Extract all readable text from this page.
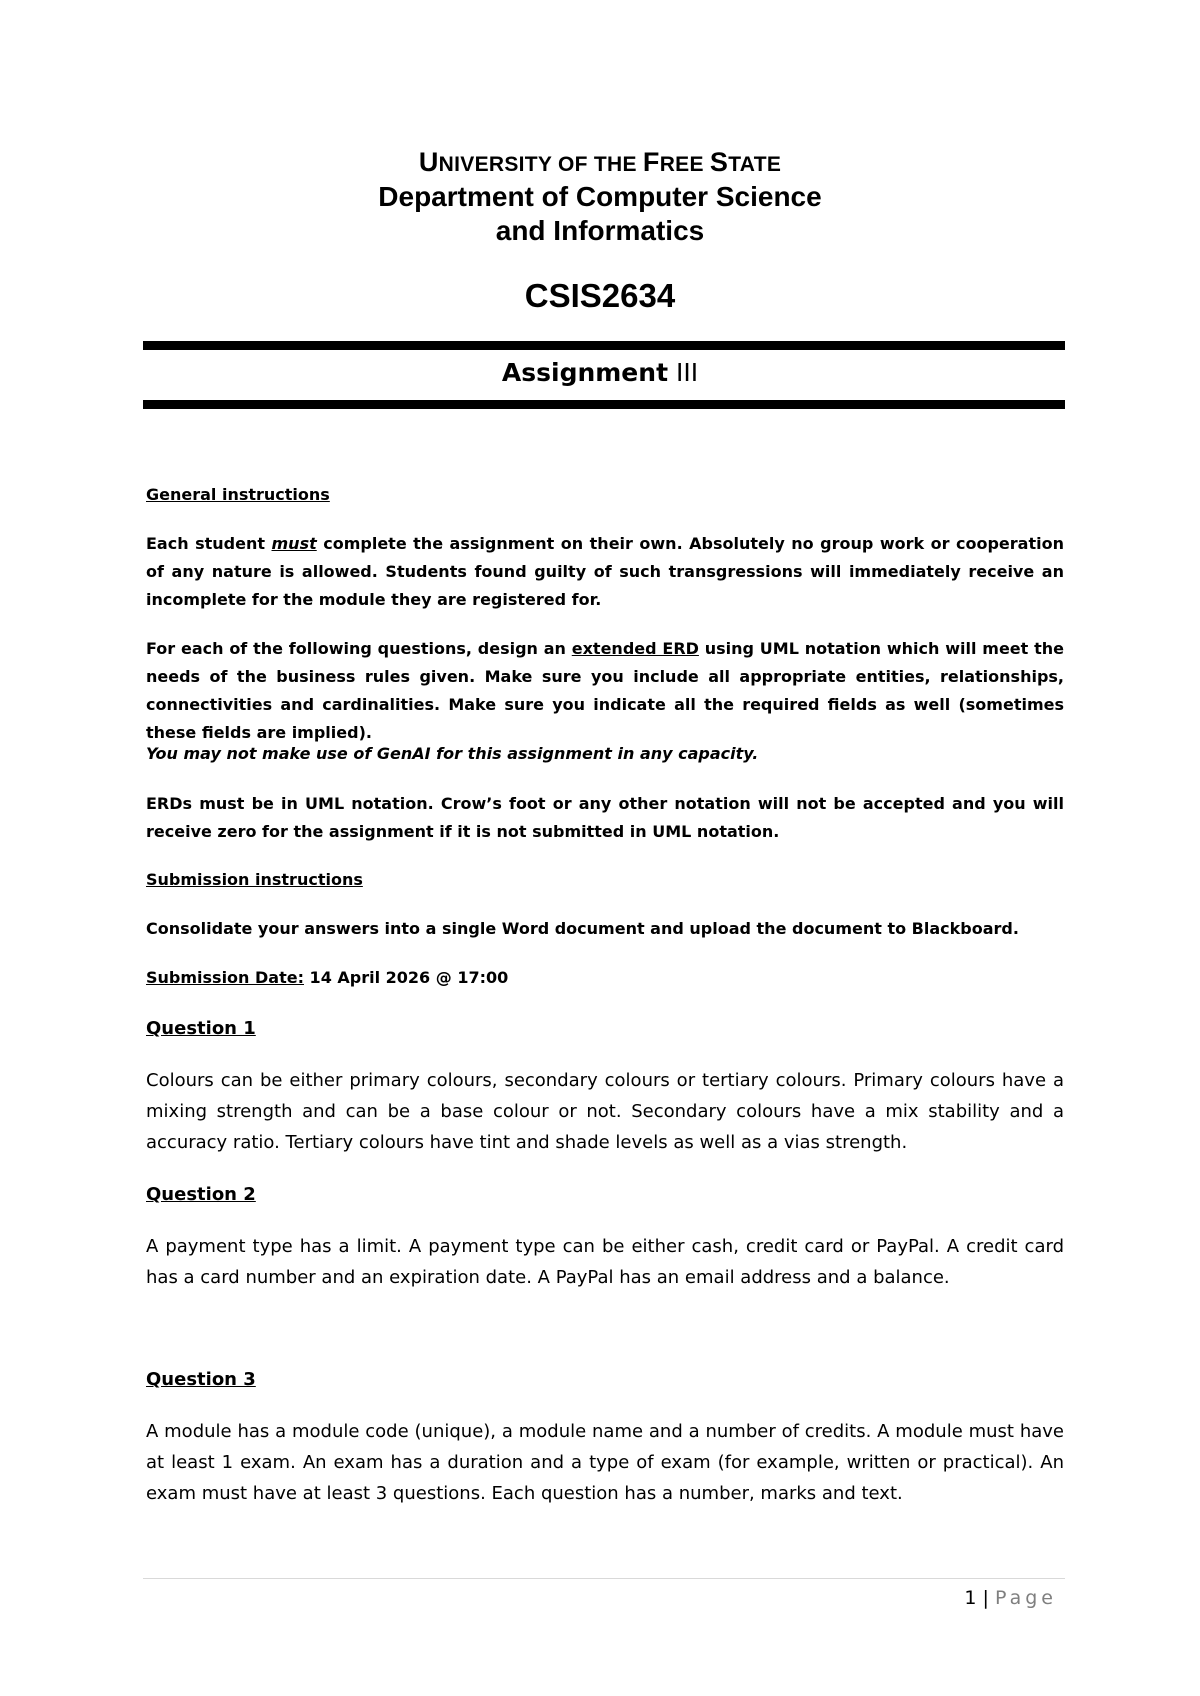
UNIVERSITY OF THE FREE STATE
Department of Computer Science
and Informatics
CSIS2634
Assignment III

General instructions

Each student must complete the assignment on their own. Absolutely no group work or cooperation of any nature is allowed. Students found guilty of such transgressions will immediately receive an incomplete for the module they are registered for.

For each of the following questions, design an extended ERD using UML notation which will meet the needs of the business rules given. Make sure you include all appropriate entities, relationships, connectivities and cardinalities. Make sure you indicate all the required fields as well (sometimes these fields are implied).

You may not make use of GenAI for this assignment in any capacity.

ERDs must be in UML notation. Crow’s foot or any other notation will not be accepted and you will receive zero for the assignment if it is not submitted in UML notation.

Submission instructions

Consolidate your answers into a single Word document and upload the document to Blackboard.

Submission Date: 14 April 2026 @ 17:00

Question 1

Colours can be either primary colours, secondary colours or tertiary colours. Primary colours have a mixing strength and can be a base colour or not. Secondary colours have a mix stability and a accuracy ratio. Tertiary colours have tint and shade levels as well as a vias strength.

Question 2

A payment type has a limit. A payment type can be either cash, credit card or PayPal. A credit card has a card number and an expiration date. A PayPal has an email address and a balance.

Question 3

A module has a module code (unique), a module name and a number of credits. A module must have at least 1 exam. An exam has a duration and a type of exam (for example, written or practical). An exam must have at least 3 questions. Each question has a number, marks and text.

1 | Page
